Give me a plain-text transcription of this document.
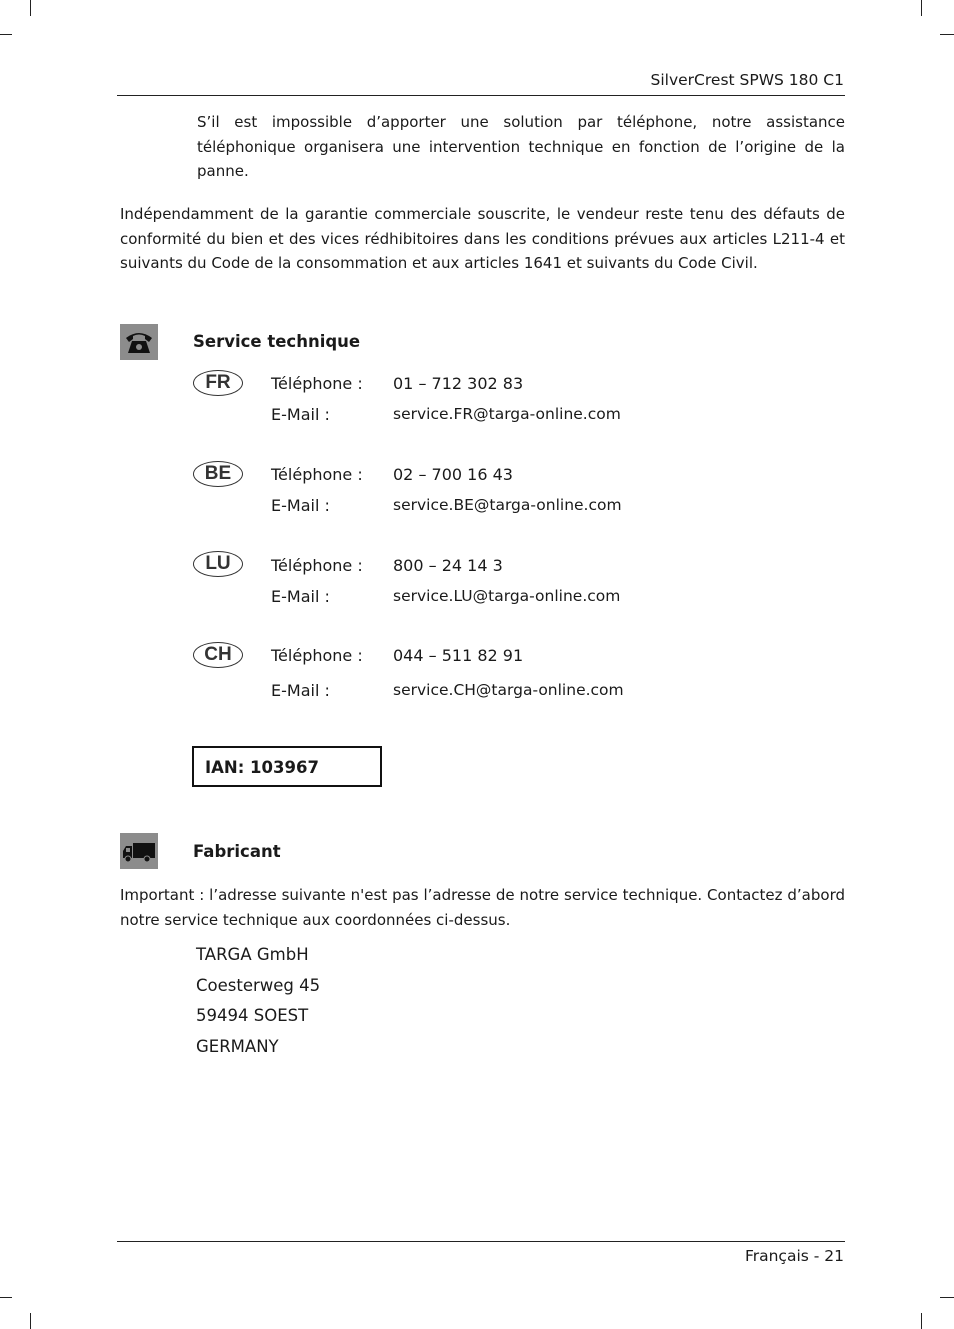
SilverCrest SPWS 180 C1
S’il est impossible d’apporter une solution par téléphone, notre assistance téléphonique organisera une intervention technique en fonction de l’origine de la panne.
Indépendamment de la garantie commerciale souscrite, le vendeur reste tenu des défauts de conformité du bien et des vices rédhibitoires dans les conditions prévues aux articles L211-4 et suivants du Code de la consommation et aux articles 1641 et suivants du Code Civil.
Service technique
FR	Téléphone : 01 – 712 302 83
E-Mail :	service.FR@targa-online.com
BE	Téléphone : 02 – 700 16 43
E-Mail :	service.BE@targa-online.com
LU	Téléphone : 800 – 24 14 3
E-Mail :	service.LU@targa-online.com
CH	Téléphone : 044 – 511 82 91
E-Mail :	service.CH@targa-online.com
IAN: 103967
Fabricant
Important : l’adresse suivante n'est pas l’adresse de notre service technique. Contactez d’abord notre service technique aux coordonnées ci-dessus.
TARGA GmbH
Coesterweg 45
59494 SOEST
GERMANY
Français - 21
